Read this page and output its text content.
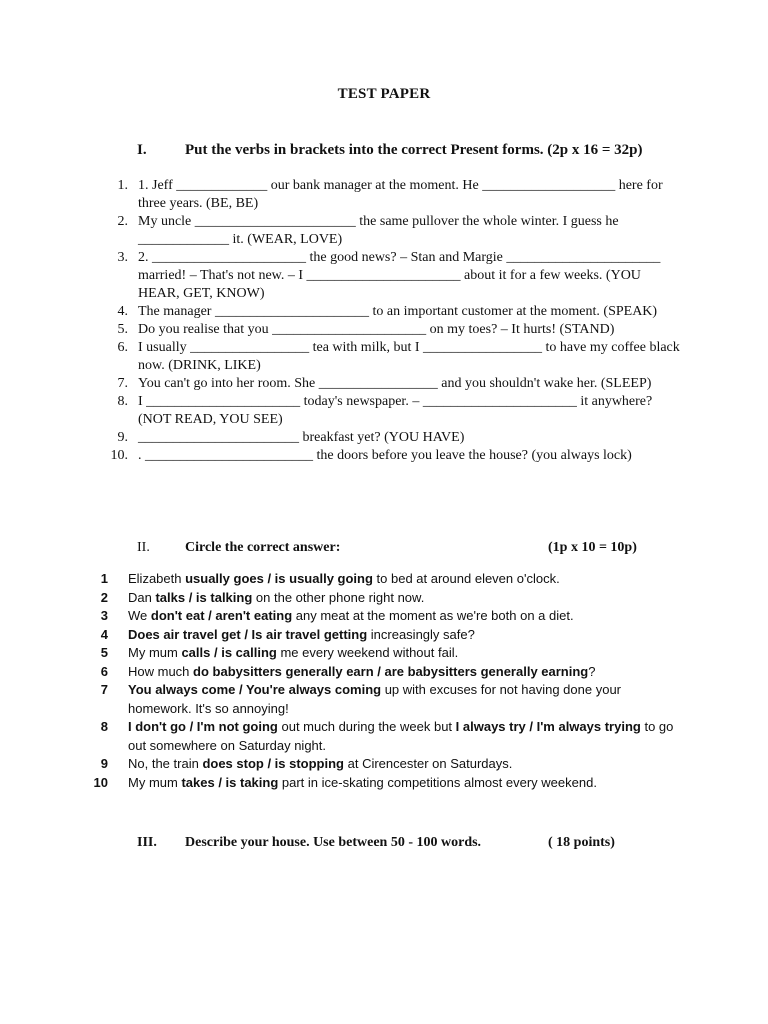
TEST PAPER
I.	Put the verbs in brackets into the correct Present forms. (2p x 16 = 32p)
1 . 1. Jeff _____________ our bank manager at the moment. He ___________________ here for three years. (BE, BE)
2 . My uncle _______________________ the same pullover the whole winter. I guess he _____________ it. (WEAR, LOVE)
3 . 2. ______________________ the good news? – Stan and Margie ______________________ married! – That's not new. – I ______________________ about it for a few weeks. (YOU HEAR, GET, KNOW)
4 . The manager ______________________ to an important customer at the moment. (SPEAK)
5 . Do you realise that you ______________________ on my toes? – It hurts! (STAND)
6 . I usually _________________ tea with milk, but I _________________ to have my coffee black now. (DRINK, LIKE)
7 . You can't go into her room. She _________________ and you shouldn't wake her. (SLEEP)
8 . I ______________________ today's newspaper. – ______________________ it anywhere? (NOT READ, YOU SEE)
9 . _______________________ breakfast yet? (YOU HAVE)
10 . . ________________________ the doors before you leave the house? (you always lock)
II.	Circle the correct answer:	(1p x 10 = 10p)
1 Elizabeth usually goes / is usually going to bed at around eleven o'clock.
2 Dan talks / is talking on the other phone right now.
3 We don't eat / aren't eating any meat at the moment as we're both on a diet.
4 Does air travel get / Is air travel getting increasingly safe?
5 My mum calls / is calling me every weekend without fail.
6 How much do babysitters generally earn / are babysitters generally earning?
7 You always come / You're always coming up with excuses for not having done your homework. It's so annoying!
8 I don't go / I'm not going out much during the week but I always try / I'm always trying to go out somewhere on Saturday night.
9 No, the train does stop / is stopping at Cirencester on Saturdays.
10 My mum takes / is taking part in ice-skating competitions almost every weekend.
III. Describe your house. Use between 50 - 100 words.	( 18 points)
